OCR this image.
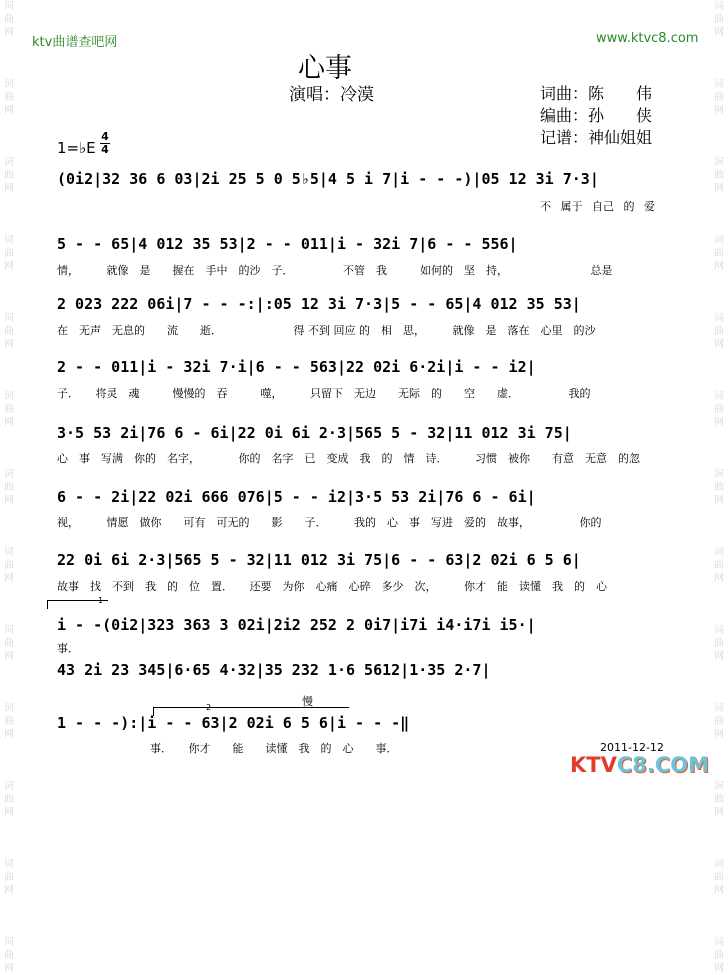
词
曲
网

词
曲
网

词
曲
网

词
曲
网

词
曲
网

词
曲
网

词
曲
网

词
曲
网

词
曲
网

词
曲
网

词
曲
网

词
曲
网

词
曲
网
词
曲
网

词
曲
网

词
曲
网

词
曲
网

词
曲
网

词
曲
网

词
曲
网

词
曲
网

词
曲
网

词
曲
网

词
曲
网

词
曲
网

词
曲
网
ktv曲谱查吧网	www.ktvc8.com
心事
演唱：冷漠	词曲：陈　　伟
编曲：孙　　侠
记谱：神仙姐姐
1=♭E
4
4
(0i2|32 36 6 03|2i 25 5 0 5♭5|4 5 i 7|i - - -)|05 12 3i 7·3|
不 属于 自己 的 爱
5 - - 65|4 012 35 53|2 - - 011|i - 32i 7|6 - - 556|
情，　　　就像　是　　握在　手中　的沙　子．　　　　　不管　我　　　如何的　坚　持，　　　　　　　　总是
2 023 222 06i|7 - - -:|:05 12 3i 7·3|5 - - 65|4 012 35 53|
在　无声　无息的　　流　　逝．　　　　　　　得 不到 回应 的　相　思，　　　就像　是　落在　心里　的沙
2 - - 011|i - 32i 7·i|6 - - 563|22 02i 6·2i|i - - i2|
子．　　将灵　魂　　　慢慢的　吞　　　噬，　　　只留下　无边　　无际　的　　空　　虚．　　　　　我的
3·5 53 2i|76 6 - 6i|22 0i 6i 2·3|565 5 - 32|11 012 3i 75|
心　事　写满　你的　名字，　　　　你的　名字　已　变成　我　的　情　诗．　　　习惯　被你　　有意　无意　的忽
6 - - 2i|22 02i 666 076|5 - - i2|3·5 53 2i|76 6 - 6i|
视，　　　情愿　做你　　可有　可无的　　影　　子．　　　我的　心　事　写进　爱的　故事，　　　　　你的
22 0i 6i 2·3|565 5 - 32|11 012 3i 75|6 - - 63|2 02i 6 5 6|
故事　找　不到　我　的　位　置．　　还要　为你　心痛　心碎　多少　次，　　　你才　能　读懂　我　的　心
1
i - -(0i2|323 363 3 02i|2i2 252 2 0i7|i7i i4·i7i i5·|
事．
43 2i 23 345|6·65 4·32|35 232 1·6 5612|1·35 2·7|
慢
2
1 - - -):|i - - 63|2 02i 6 5 6|i - - -‖
事．　　你才　　能　　读懂　我　的　心　　事．	2011-12-12
KTVC8.COM
